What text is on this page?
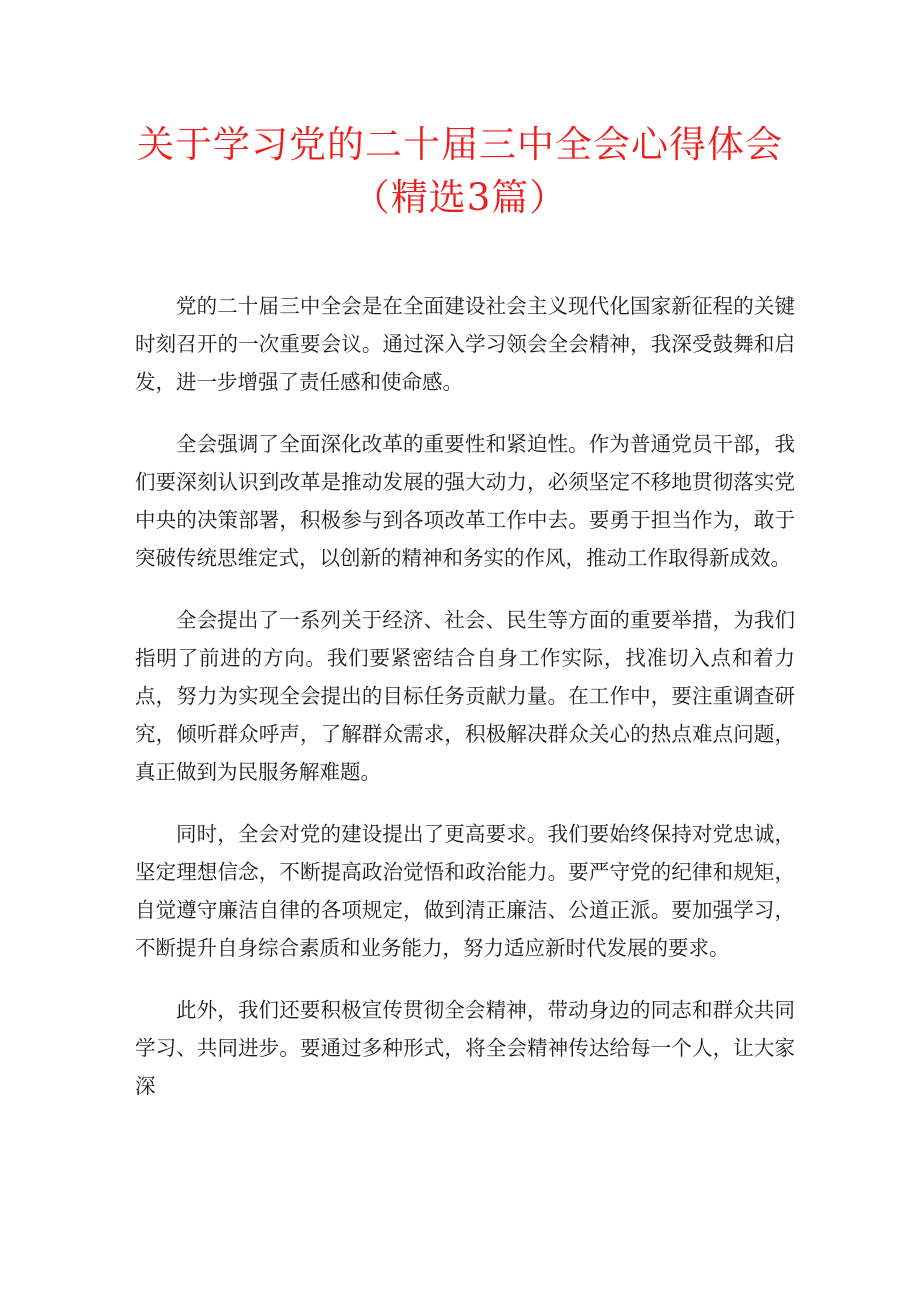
关于学习党的二十届三中全会心得体会
（精选3篇）

党的二十届三中全会是在全面建设社会主义现代化国家新征程的关键时刻召开的一次重要会议。通过深入学习领会全会精神，我深受鼓舞和启发，进一步增强了责任感和使命感。

全会强调了全面深化改革的重要性和紧迫性。作为普通党员干部，我们要深刻认识到改革是推动发展的强大动力，必须坚定不移地贯彻落实党中央的决策部署，积极参与到各项改革工作中去。要勇于担当作为，敢于突破传统思维定式，以创新的精神和务实的作风，推动工作取得新成效。

全会提出了一系列关于经济、社会、民生等方面的重要举措，为我们指明了前进的方向。我们要紧密结合自身工作实际，找准切入点和着力点，努力为实现全会提出的目标任务贡献力量。在工作中，要注重调查研究，倾听群众呼声，了解群众需求，积极解决群众关心的热点难点问题，真正做到为民服务解难题。

同时，全会对党的建设提出了更高要求。我们要始终保持对党忠诚，坚定理想信念，不断提高政治觉悟和政治能力。要严守党的纪律和规矩，自觉遵守廉洁自律的各项规定，做到清正廉洁、公道正派。要加强学习，不断提升自身综合素质和业务能力，努力适应新时代发展的要求。

此外，我们还要积极宣传贯彻全会精神，带动身边的同志和群众共同学习、共同进步。要通过多种形式，将全会精神传达给每一个人，让大家深
